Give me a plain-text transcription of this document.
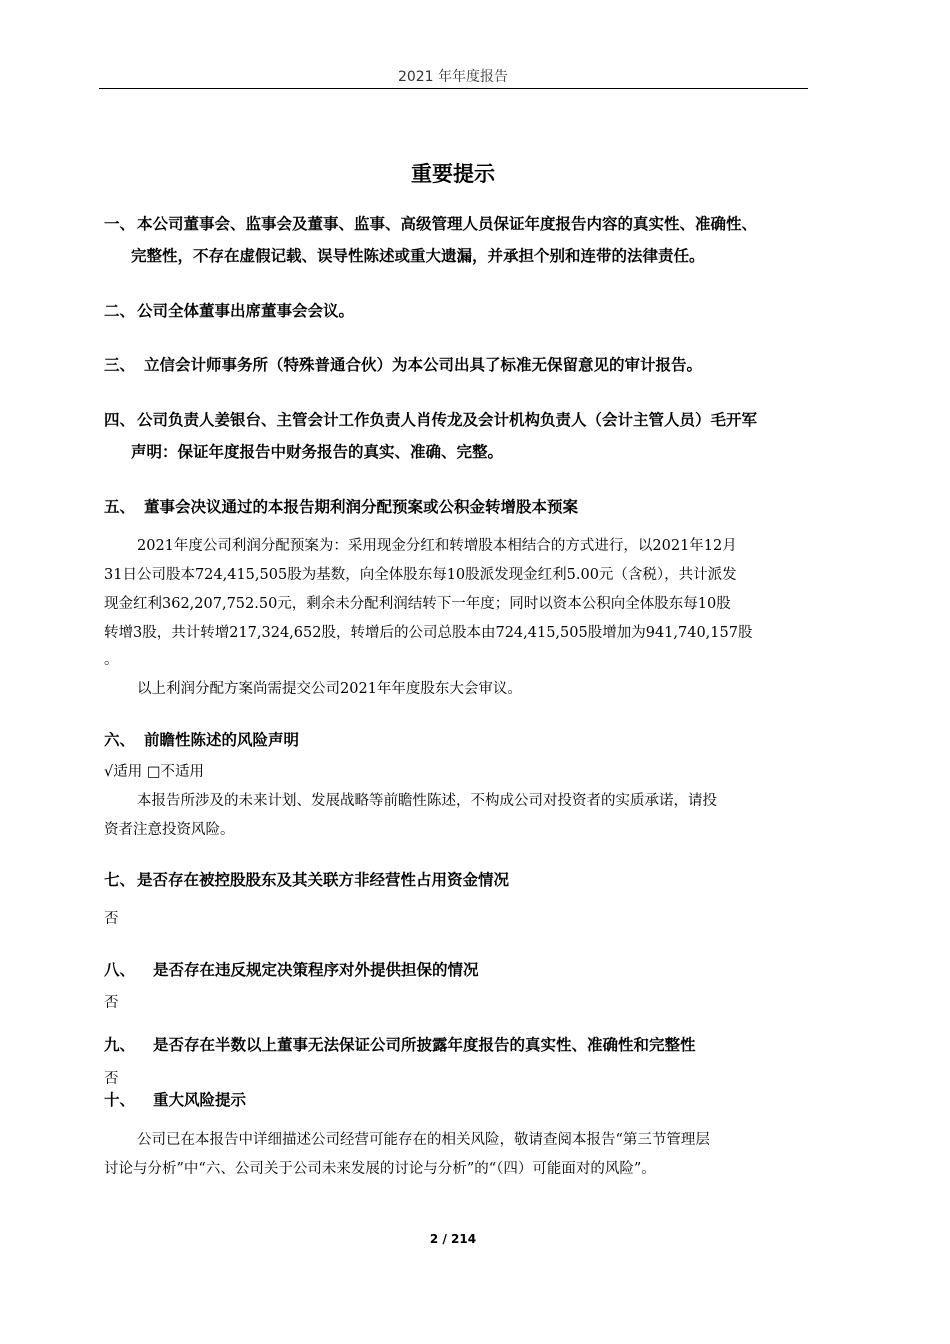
2021 年年度报告
重要提示
一、 本公司董事会、监事会及董事、监事、高级管理人员保证年度报告内容的真实性、准确性、
完整性，不存在虚假记载、误导性陈述或重大遗漏，并承担个别和连带的法律责任。
二、 公司全体董事出席董事会会议。
三、 立信会计师事务所（特殊普通合伙）为本公司出具了标准无保留意见的审计报告。
四、 公司负责人姜银台、主管会计工作负责人肖传龙及会计机构负责人（会计主管人员）毛开军
声明：保证年度报告中财务报告的真实、准确、完整。
五、 董事会决议通过的本报告期利润分配预案或公积金转增股本预案
2021年度公司利润分配预案为：采用现金分红和转增股本相结合的方式进行，以2021年12月
31日公司股本724,415,505股为基数，向全体股东每10股派发现金红利5.00元（含税），共计派发
现金红利362,207,752.50元，剩余未分配利润结转下一年度；同时以资本公积向全体股东每10股
转增3股，共计转增217,324,652股，转增后的公司总股本由724,415,505股增加为941,740,157股
。
以上利润分配方案尚需提交公司2021年年度股东大会审议。
六、 前瞻性陈述的风险声明
√适用 □不适用
本报告所涉及的未来计划、发展战略等前瞻性陈述，不构成公司对投资者的实质承诺，请投
资者注意投资风险。
七、 是否存在被控股股东及其关联方非经营性占用资金情况
否
八、 是否存在违反规定决策程序对外提供担保的情况
否
九、 是否存在半数以上董事无法保证公司所披露年度报告的真实性、准确性和完整性
否
十、 重大风险提示
公司已在本报告中详细描述公司经营可能存在的相关风险，敬请查阅本报告“第三节管理层
讨论与分析”中“六、公司关于公司未来发展的讨论与分析”的“（四）可能面对的风险”。
2 / 214
